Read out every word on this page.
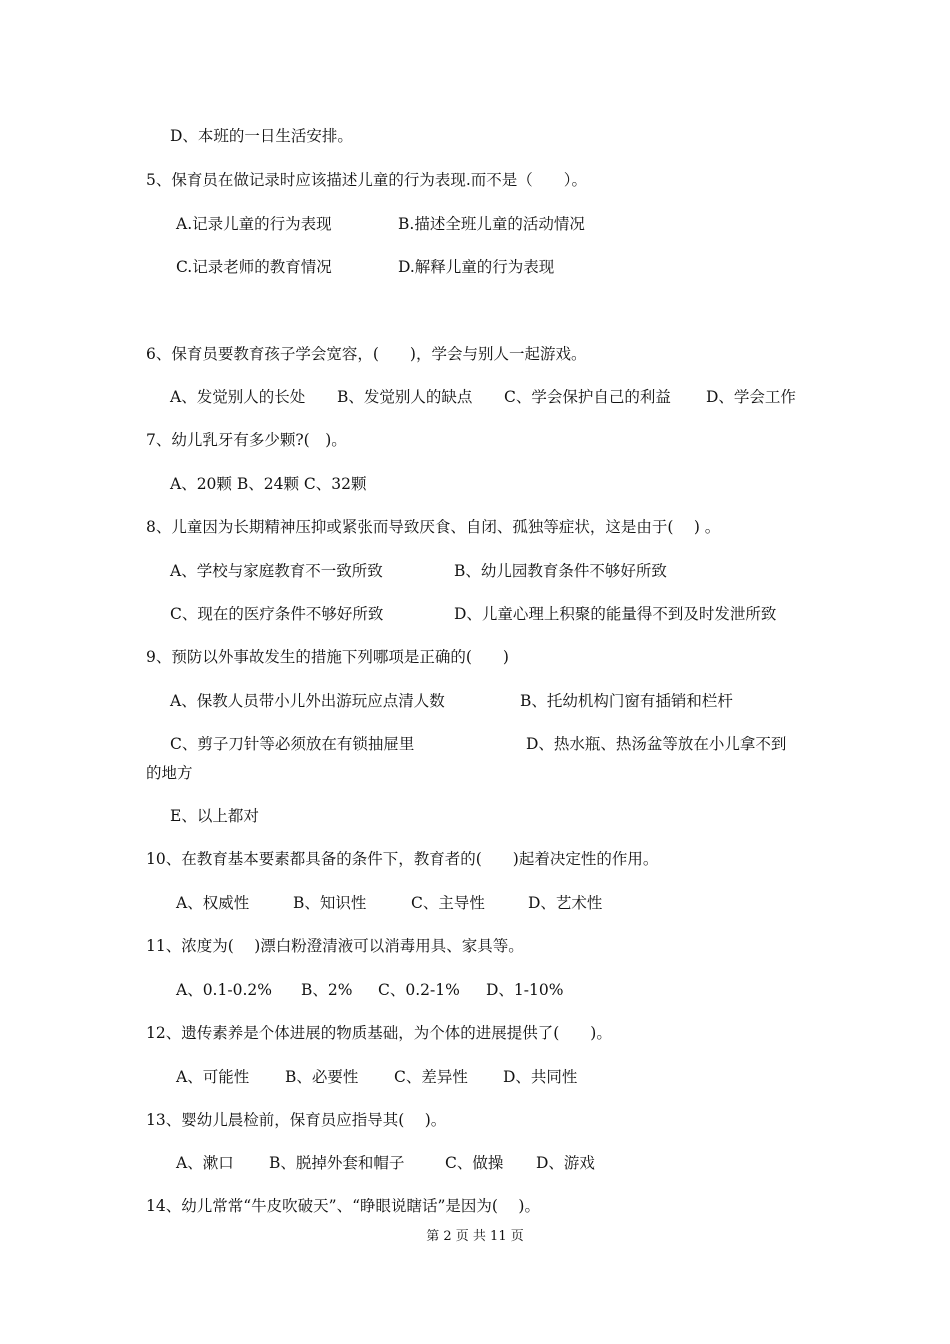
D、本班的一日生活安排。
5、保育员在做记录时应该描述儿童的行为表现.而不是（　　）。

A.记录儿童的行为表现

	B.描述全班儿童的活动情况

C.记录老师的教育情况

	D.解释儿童的行为表现

6、保育员要教育孩子学会宽容，(　　)，学会与别人一起游戏。

A、发觉别人的长处

B、发觉别人的缺点

C、学会保护自己的利益

D、学会工作

7、幼儿乳牙有多少颗?(　)。
A、20颗 B、24颗 C、32颗
8、儿童因为长期精神压抑或紧张而导致厌食、自闭、孤独等症状，这是由于(　 ) 。

A、学校与家庭教育不一致所致

	B、幼儿园教育条件不够好所致

C、现在的医疗条件不够好所致

	D、儿童心理上积聚的能量得不到及时发泄所致

9、预防以外事故发生的措施下列哪项是正确的(　　)

A、保教人员带小儿外出游玩应点清人数

	B、托幼机构门窗有插销和栏杆

C、剪子刀针等必须放在有锁抽屉里

	D、热水瓶、热汤盆等放在小儿拿不到

的地方
E、以上都对
10、在教育基本要素都具备的条件下，教育者的(　　)起着决定性的作用。

A、权威性

	B、知识性

	C、主导性

	D、艺术性

11、浓度为(　 )漂白粉澄清液可以消毒用具、家具等。

A、0.1-0.2%

B、2%

C、0.2-1%

D、1-10%

12、遗传素养是个体进展的物质基础，为个体的进展提供了(　　)。

A、可能性

B、必要性

C、差异性

D、共同性

13、婴幼儿晨检前，保育员应指导其(　 )。

A、漱口

B、脱掉外套和帽子

	C、做操

D、游戏

14、幼儿常常“牛皮吹破天”、“睁眼说瞎话”是因为(　 )。
第 2 页 共 11 页
